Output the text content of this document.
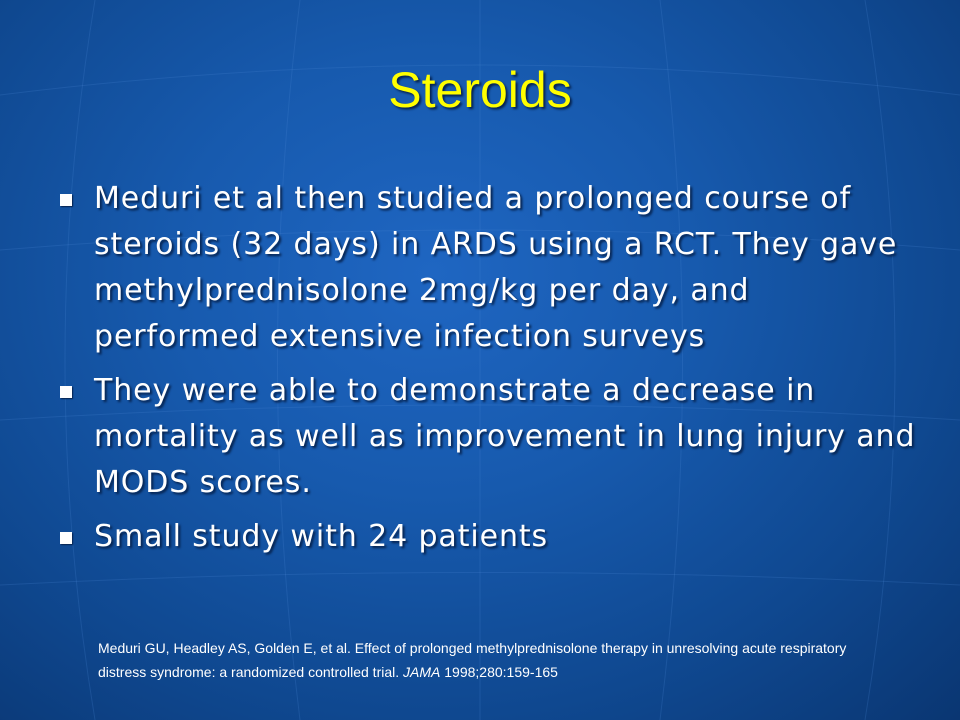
Steroids
Meduri et al then studied a prolonged course of steroids (32 days) in ARDS using a RCT. They gave methylprednisolone 2mg/kg per day, and performed extensive infection surveys
They were able to demonstrate a decrease in mortality as well as improvement in lung injury and MODS scores.
Small study with 24 patients
Meduri GU, Headley AS, Golden E, et al. Effect of prolonged methylprednisolone therapy in unresolving acute respiratory distress syndrome: a randomized controlled trial. JAMA 1998;280:159-165
